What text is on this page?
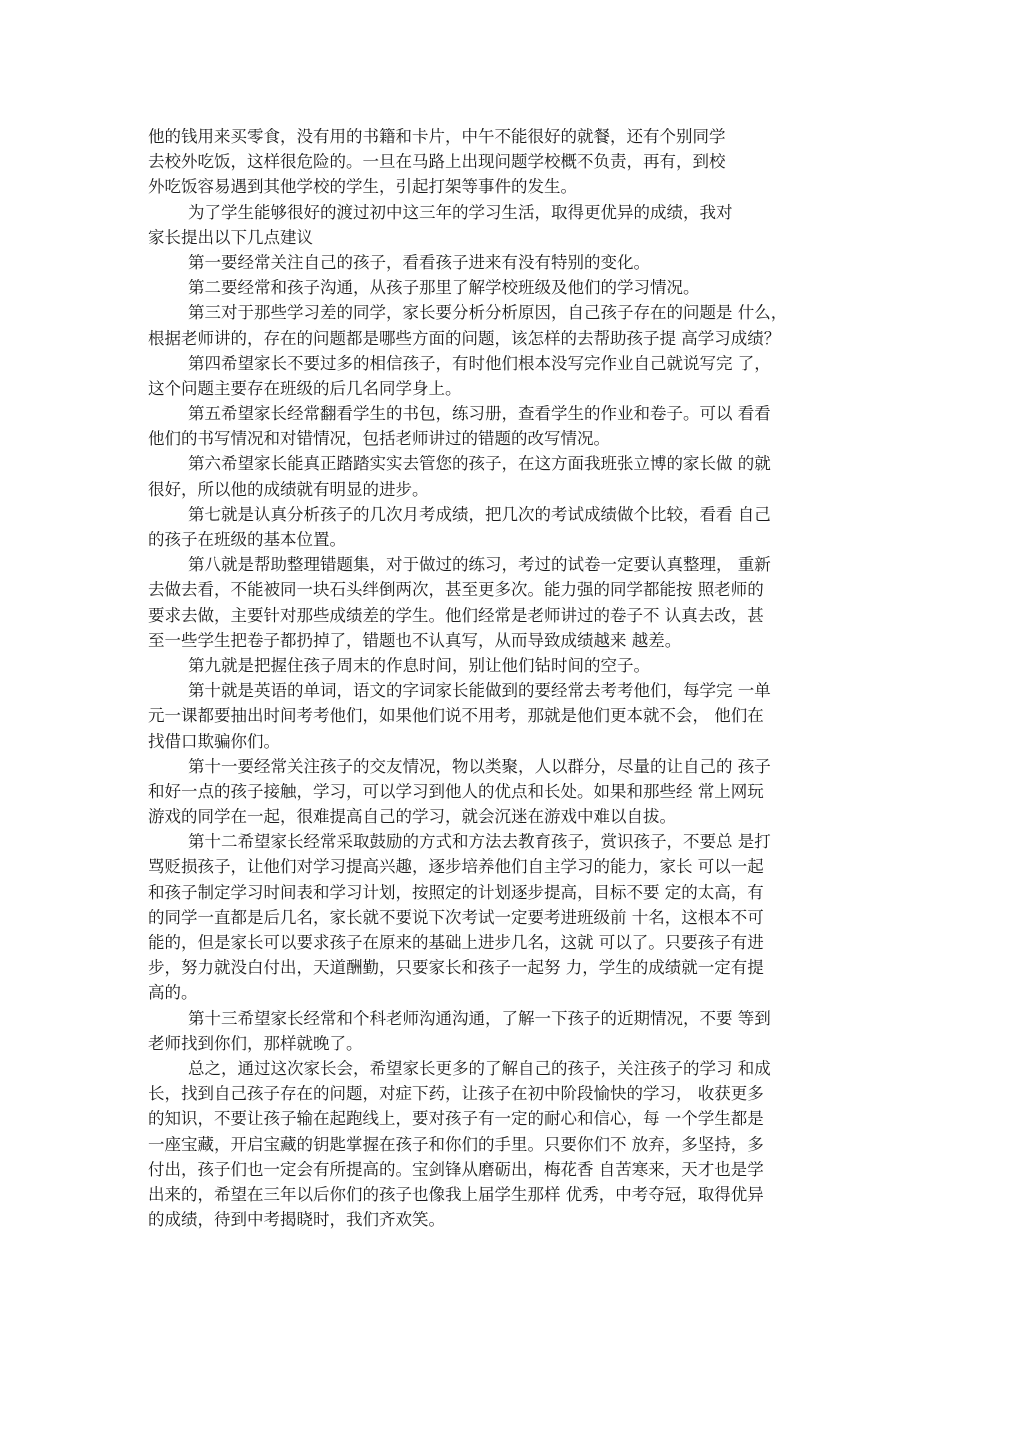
他的钱用来买零食，没有用的书籍和卡片，中午不能很好的就餐，还有个别同学
去校外吃饭，这样很危险的。一旦在马路上出现问题学校概不负责，再有，到校
外吃饭容易遇到其他学校的学生，引起打架等事件的发生。
为了学生能够很好的渡过初中这三年的学习生活，取得更优异的成绩，我对
家长提出以下几点建议
第一要经常关注自己的孩子，看看孩子进来有没有特别的变化。
第二要经常和孩子沟通，从孩子那里了解学校班级及他们的学习情况。
第三对于那些学习差的同学，家长要分析分析原因，自己孩子存在的问题是 什么，
根据老师讲的，存在的问题都是哪些方面的问题，该怎样的去帮助孩子提 高学习成绩？
第四希望家长不要过多的相信孩子，有时他们根本没写完作业自己就说写完 了，
这个问题主要存在班级的后几名同学身上。
第五希望家长经常翻看学生的书包，练习册，查看学生的作业和卷子。可以 看看
他们的书写情况和对错情况，包括老师讲过的错题的改写情况。
第六希望家长能真正踏踏实实去管您的孩子，在这方面我班张立博的家长做 的就
很好，所以他的成绩就有明显的进步。
第七就是认真分析孩子的几次月考成绩，把几次的考试成绩做个比较，看看 自己
的孩子在班级的基本位置。
第八就是帮助整理错题集，对于做过的练习，考过的试卷一定要认真整理， 重新
去做去看，不能被同一块石头绊倒两次，甚至更多次。能力强的同学都能按 照老师的
要求去做，主要针对那些成绩差的学生。他们经常是老师讲过的卷子不 认真去改，甚
至一些学生把卷子都扔掉了，错题也不认真写，从而导致成绩越来 越差。
第九就是把握住孩子周末的作息时间，别让他们钻时间的空子。
第十就是英语的单词，语文的字词家长能做到的要经常去考考他们，每学完 一单
元一课都要抽出时间考考他们，如果他们说不用考，那就是他们更本就不会， 他们在
找借口欺骗你们。
第十一要经常关注孩子的交友情况，物以类聚，人以群分，尽量的让自己的 孩子
和好一点的孩子接触，学习，可以学习到他人的优点和长处。如果和那些经 常上网玩
游戏的同学在一起，很难提高自己的学习，就会沉迷在游戏中难以自拔。
第十二希望家长经常采取鼓励的方式和方法去教育孩子，赏识孩子，不要总 是打
骂贬损孩子，让他们对学习提高兴趣，逐步培养他们自主学习的能力，家长 可以一起
和孩子制定学习时间表和学习计划，按照定的计划逐步提高，目标不要 定的太高，有
的同学一直都是后几名，家长就不要说下次考试一定要考进班级前 十名，这根本不可
能的，但是家长可以要求孩子在原来的基础上进步几名，这就 可以了。只要孩子有进
步，努力就没白付出，天道酬勤，只要家长和孩子一起努 力，学生的成绩就一定有提
高的。
第十三希望家长经常和个科老师沟通沟通，了解一下孩子的近期情况，不要 等到
老师找到你们，那样就晚了。
总之，通过这次家长会，希望家长更多的了解自己的孩子，关注孩子的学习 和成
长，找到自己孩子存在的问题，对症下药，让孩子在初中阶段愉快的学习， 收获更多
的知识，不要让孩子输在起跑线上，要对孩子有一定的耐心和信心，每 一个学生都是
一座宝藏，开启宝藏的钥匙掌握在孩子和你们的手里。只要你们不 放弃，多坚持，多
付出，孩子们也一定会有所提高的。宝剑锋从磨砺出，梅花香 自苦寒来，天才也是学
出来的，希望在三年以后你们的孩子也像我上届学生那样 优秀，中考夺冠，取得优异
的成绩，待到中考揭晓时，我们齐欢笑。
